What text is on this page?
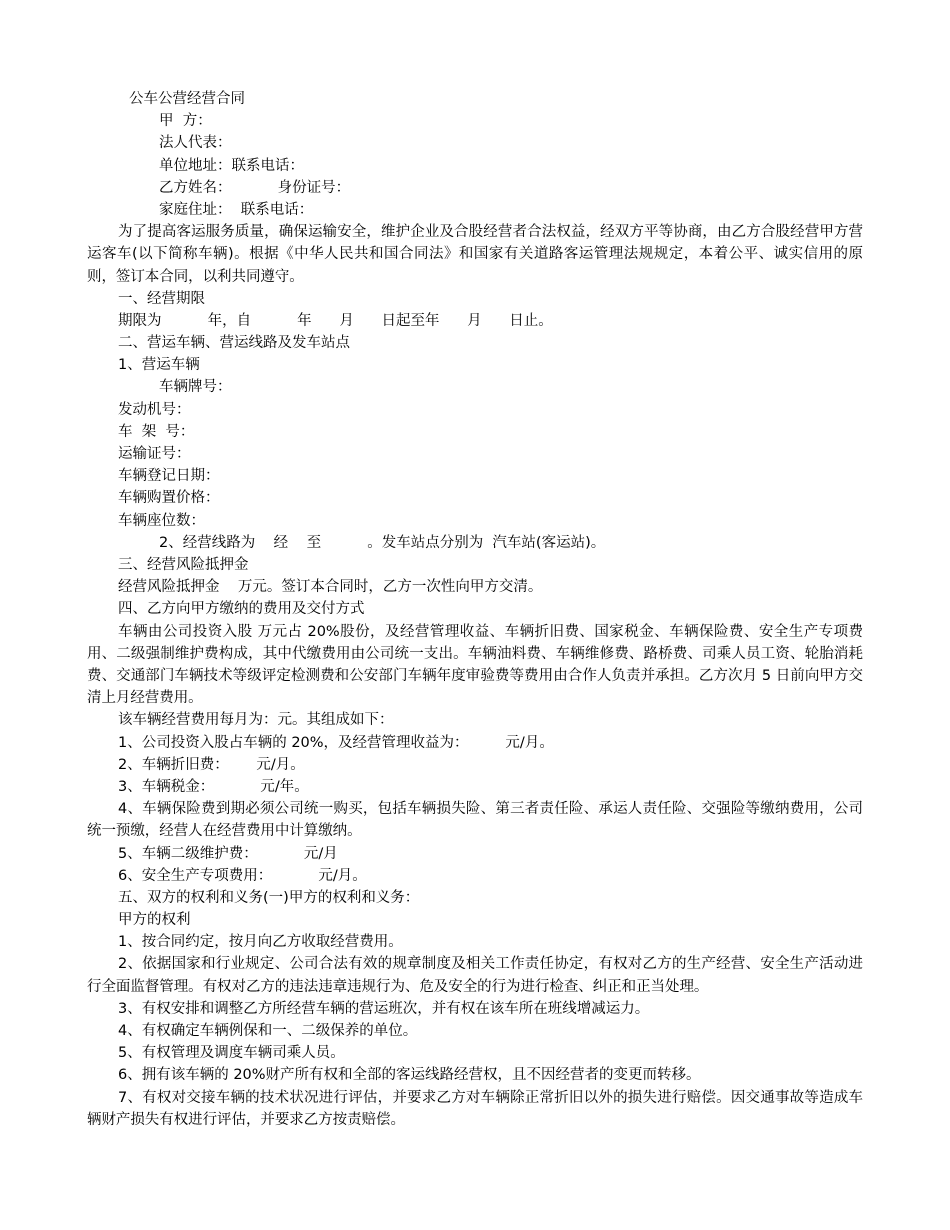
公车公营经营合同
甲  方：
法人代表：
单位地址：联系电话：
乙方姓名：          身份证号：
家庭住址：  联系电话：
为了提高客运服务质量，确保运输安全，维护企业及合股经营者合法权益，经双方平等协商，由乙方合股经营甲方营运客车(以下简称车辆)。根据《中华人民共和国合同法》和国家有关道路客运管理法规规定，本着公平、诚实信用的原则，签订本合同，以利共同遵守。
一、经营期限
期限为          年，自          年      月      日起至年      月      日止。
二、营运车辆、营运线路及发车站点
1、营运车辆
车辆牌号：
发动机号：
车  架  号：
运输证号：
车辆登记日期：
车辆购置价格：
车辆座位数：
2、经营线路为    经    至          。发车站点分别为  汽车站(客运站)。
三、经营风险抵押金
经营风险抵押金    万元。签订本合同时，乙方一次性向甲方交清。
四、乙方向甲方缴纳的费用及交付方式
车辆由公司投资入股 万元占 20%股份，及经营管理收益、车辆折旧费、国家税金、车辆保险费、安全生产专项费用、二级强制维护费构成，其中代缴费用由公司统一支出。车辆油料费、车辆维修费、路桥费、司乘人员工资、轮胎消耗费、交通部门车辆技术等级评定检测费和公安部门车辆年度审验费等费用由合作人负责并承担。乙方次月 5 日前向甲方交清上月经营费用。
该车辆经营费用每月为：元。其组成如下：
1、公司投资入股占车辆的 20%，及经营管理收益为：        元/月。
2、车辆折旧费：      元/月。
3、车辆税金：          元/年。
4、车辆保险费到期必须公司统一购买，包括车辆损失险、第三者责任险、承运人责任险、交强险等缴纳费用，公司统一预缴，经营人在经营费用中计算缴纳。
5、车辆二级维护费：          元/月
6、安全生产专项费用：          元/月。
五、双方的权利和义务(一)甲方的权利和义务：
甲方的权利
1、按合同约定，按月向乙方收取经营费用。
2、依据国家和行业规定、公司合法有效的规章制度及相关工作责任协定，有权对乙方的生产经营、安全生产活动进行全面监督管理。有权对乙方的违法违章违规行为、危及安全的行为进行检查、纠正和正当处理。
3、有权安排和调整乙方所经营车辆的营运班次，并有权在该车所在班线增减运力。
4、有权确定车辆例保和一、二级保养的单位。
5、有权管理及调度车辆司乘人员。
6、拥有该车辆的 20%财产所有权和全部的客运线路经营权，且不因经营者的变更而转移。
7、有权对交接车辆的技术状况进行评估，并要求乙方对车辆除正常折旧以外的损失进行赔偿。因交通事故等造成车辆财产损失有权进行评估，并要求乙方按责赔偿。
